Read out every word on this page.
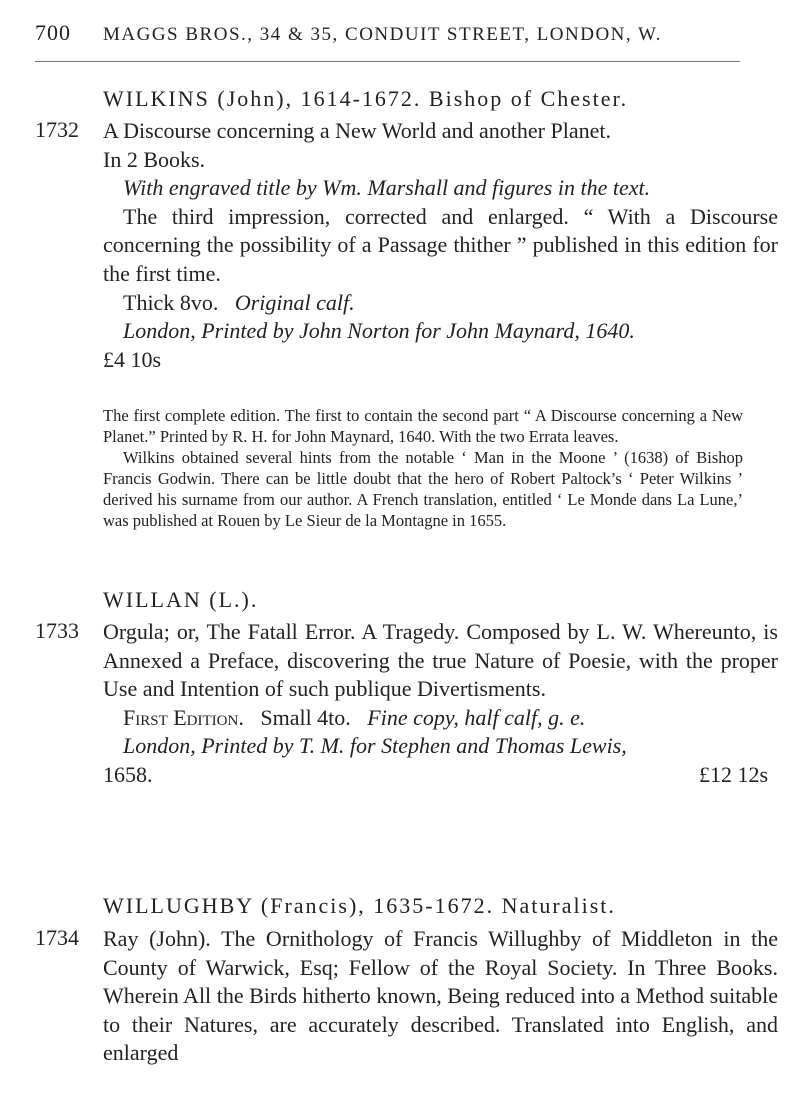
700	MAGGS BROS., 34 & 35, CONDUIT STREET, LONDON, W.
WILKINS (John), 1614-1672. Bishop of Chester.
1732	A Discourse concerning a New World and another Planet.

In 2 Books.

With engraved title by Wm. Marshall and figures in the text.

The third impression, corrected and enlarged. “ With a Discourse concerning the possibility of a Passage thither ” published in this edition for the first time.

Thick 8vo. Original calf.

London, Printed by John Norton for John Maynard, 1640.

£4 10s

The first complete edition. The first to contain the second part “ A Discourse concerning a New Planet.” Printed by R. H. for John Maynard, 1640. With the two Errata leaves.

Wilkins obtained several hints from the notable ‘ Man in the Moone ’ (1638) of Bishop Francis Godwin. There can be little doubt that the hero of Robert Paltock’s ‘ Peter Wilkins ’ derived his surname from our author. A French translation, entitled ‘ Le Monde dans La Lune,’ was published at Rouen by Le Sieur de la Montagne in 1655.

WILLAN (L.).
1733	Orgula; or, The Fatall Error. A Tragedy. Composed by L. W. Whereunto, is Annexed a Preface, discovering the true Nature of Poesie, with the proper Use and Intention of such publique Divertisments.

First Edition. Small 4to. Fine copy, half calf, g. e.

London, Printed by T. M. for Stephen and Thomas Lewis,

1658.	£12 12s

WILLUGHBY (Francis), 1635-1672. Naturalist.
1734	Ray (John). The Ornithology of Francis Willughby of Middleton in the County of Warwick, Esq; Fellow of the Royal Society. In Three Books. Wherein All the Birds hitherto known, Being reduced into a Method suitable to their Natures, are accurately described. Translated into English, and enlarged
